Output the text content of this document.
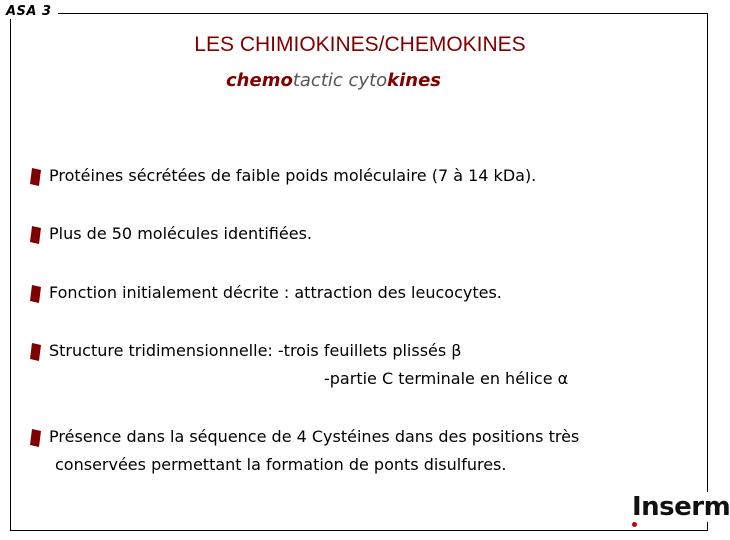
ASA 3
LES CHIMIOKINES/CHEMOKINES
chemotactic cytokines
Protéines sécrétées de faible poids moléculaire (7 à 14 kDa).
Plus de 50 molécules identifiées.
Fonction initialement décrite : attraction des leucocytes.
Structure tridimensionnelle: -trois feuillets plissés β
-partie C terminale en hélice α
Présence dans la séquence de 4 Cystéines dans des positions très
conservées permettant la formation de ponts disulfures.
Inserm
